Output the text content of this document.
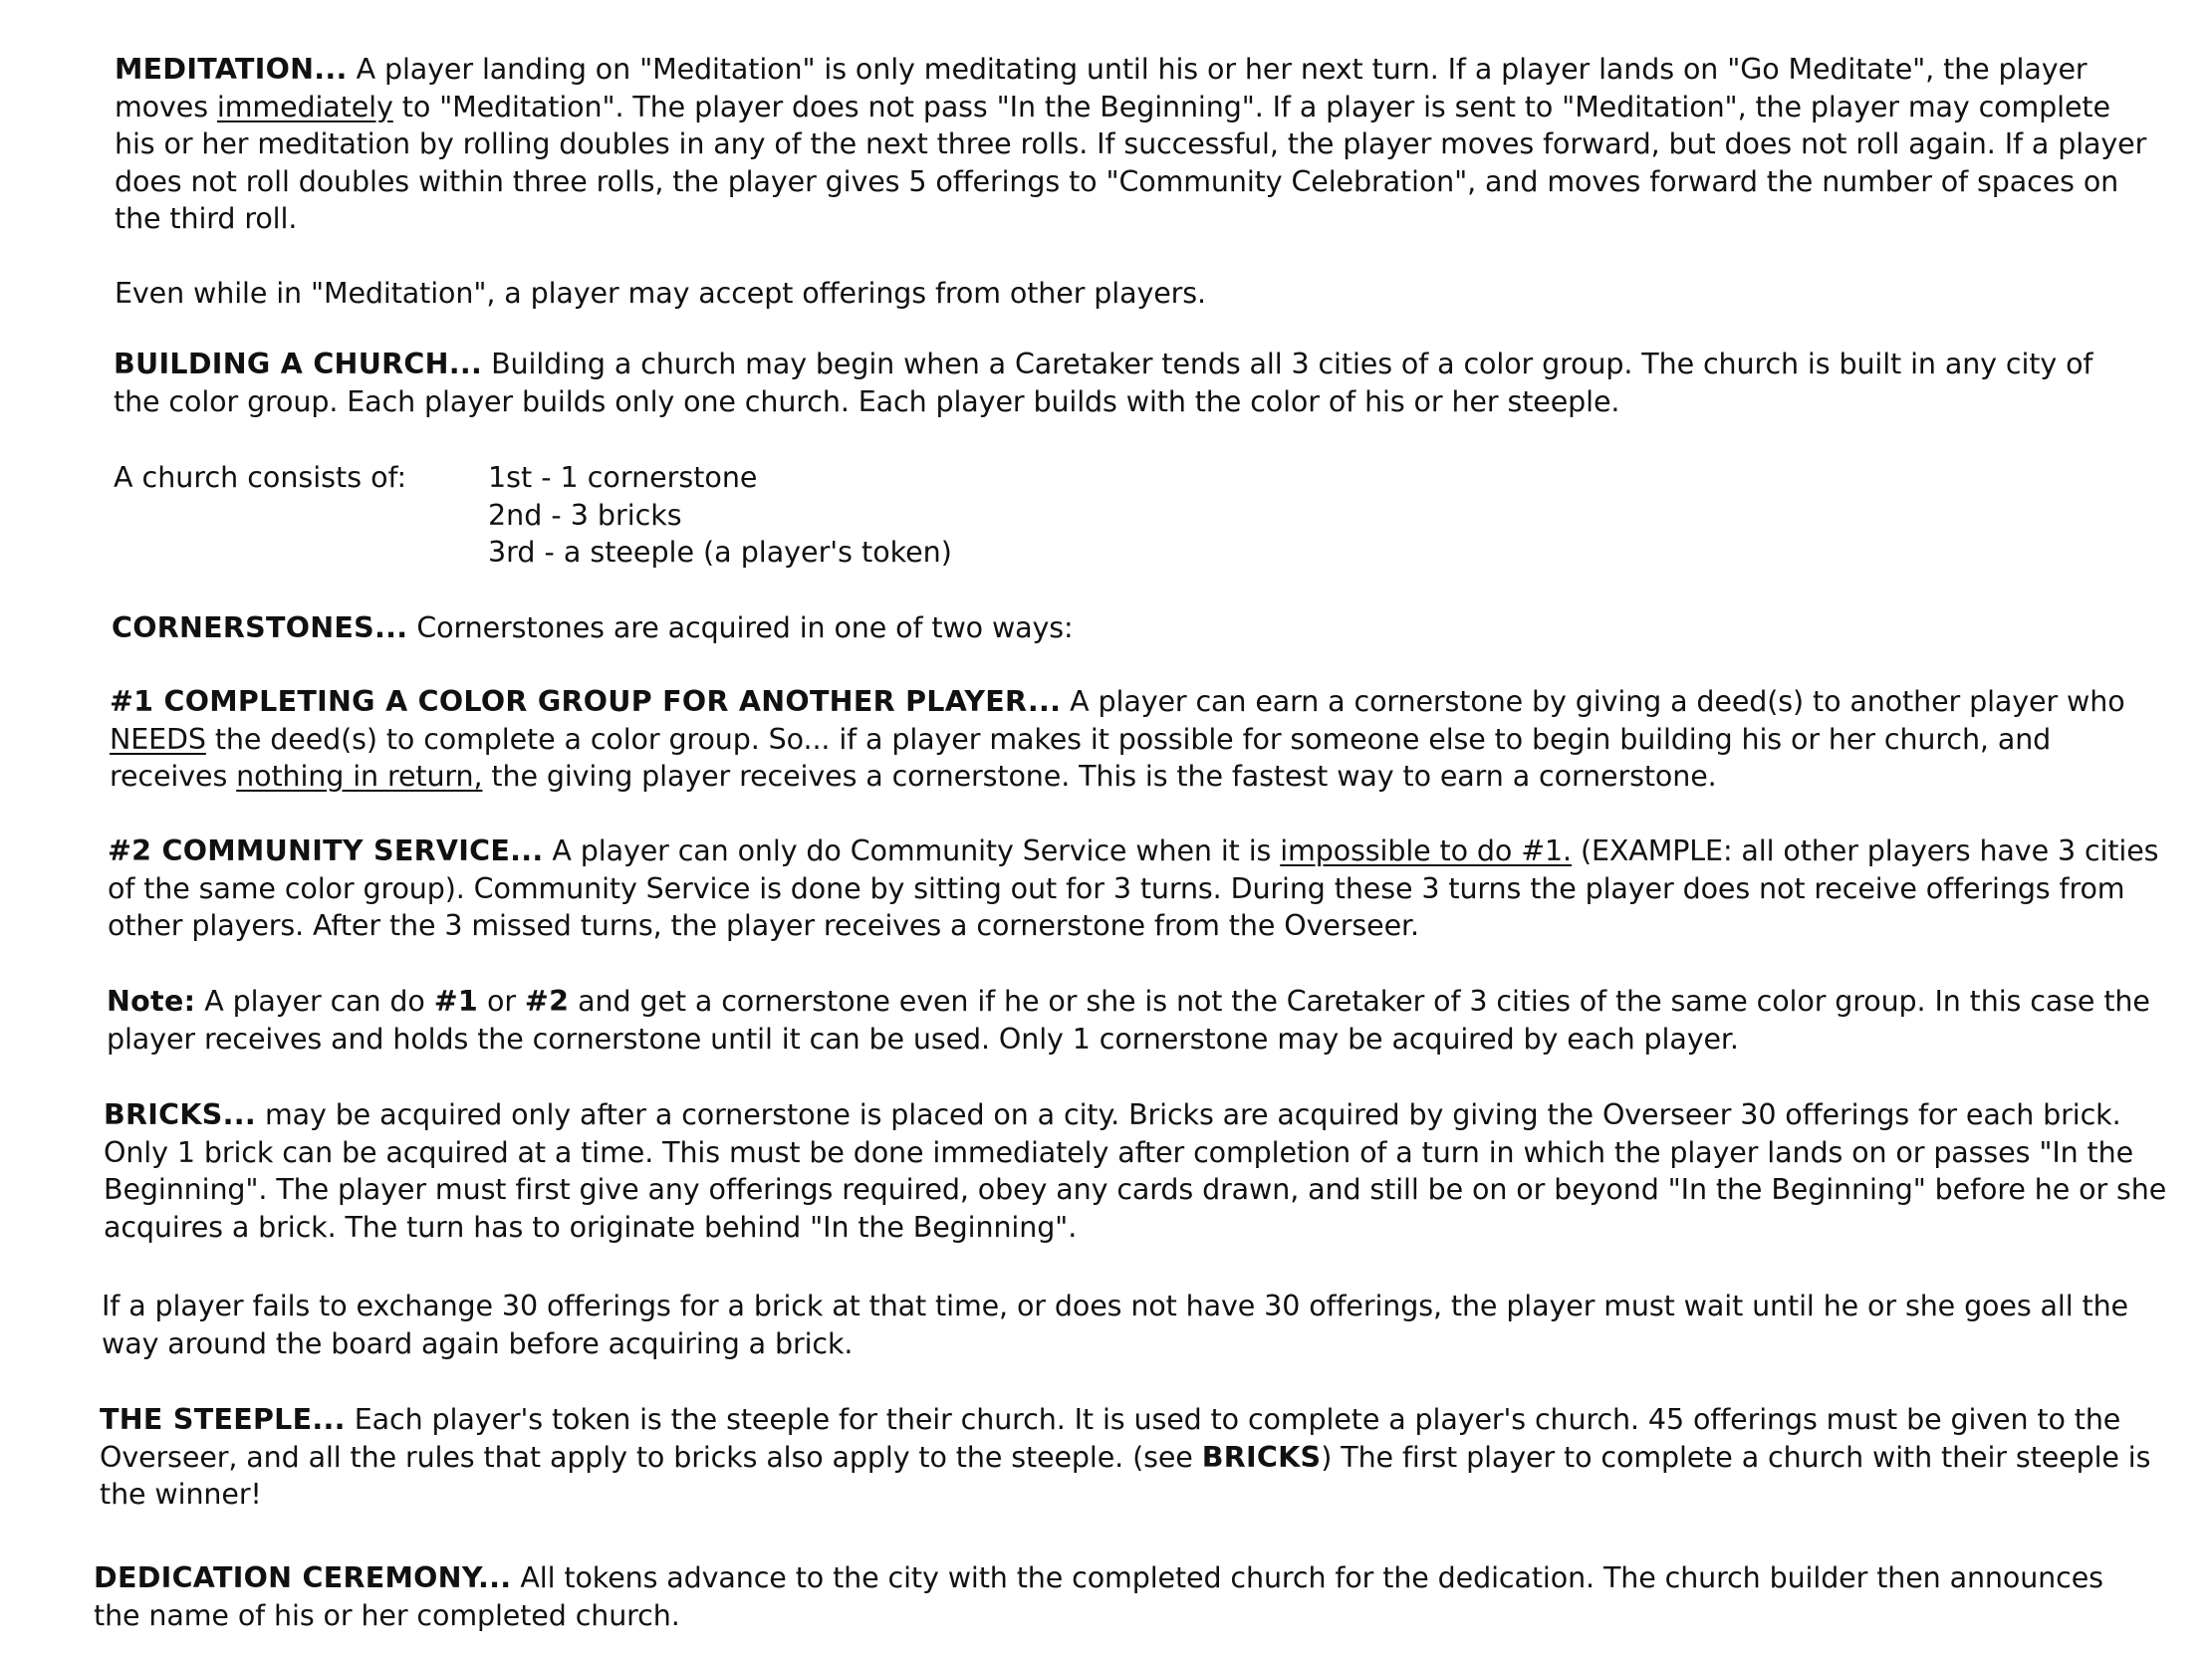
MEDITATION... A player landing on "Meditation" is only meditating until his or her next turn. If a player lands on "Go Meditate", the player moves immediately to "Meditation". The player does not pass "In the Beginning". If a player is sent to "Meditation", the player may complete his or her meditation by rolling doubles in any of the next three rolls. If successful, the player moves forward, but does not roll again. If a player does not roll doubles within three rolls, the player gives 5 offerings to "Community Celebration", and moves forward the number of spaces on the third roll.

Even while in "Meditation", a player may accept offerings from other players.

BUILDING A CHURCH... Building a church may begin when a Caretaker tends all 3 cities of a color group. The church is built in any city of the color group. Each player builds only one church. Each player builds with the color of his or her steeple.

A church consists of:	1st - 1 cornerstone
2nd - 3 bricks
3rd - a steeple (a player's token)

CORNERSTONES... Cornerstones are acquired in one of two ways:

#1 COMPLETING A COLOR GROUP FOR ANOTHER PLAYER... A player can earn a cornerstone by giving a deed(s) to another player who NEEDS the deed(s) to complete a color group. So... if a player makes it possible for someone else to begin building his or her church, and receives nothing in return, the giving player receives a cornerstone. This is the fastest way to earn a cornerstone.

#2 COMMUNITY SERVICE... A player can only do Community Service when it is impossible to do #1. (EXAMPLE: all other players have 3 cities of the same color group). Community Service is done by sitting out for 3 turns. During these 3 turns the player does not receive offerings from other players. After the 3 missed turns, the player receives a cornerstone from the Overseer.

Note: A player can do #1 or #2 and get a cornerstone even if he or she is not the Caretaker of 3 cities of the same color group. In this case the player receives and holds the cornerstone until it can be used. Only 1 cornerstone may be acquired by each player.

BRICKS... may be acquired only after a cornerstone is placed on a city. Bricks are acquired by giving the Overseer 30 offerings for each brick. Only 1 brick can be acquired at a time. This must be done immediately after completion of a turn in which the player lands on or passes "In the Beginning". The player must first give any offerings required, obey any cards drawn, and still be on or beyond "In the Beginning" before he or she acquires a brick. The turn has to originate behind "In the Beginning".

If a player fails to exchange 30 offerings for a brick at that time, or does not have 30 offerings, the player must wait until he or she goes all the way around the board again before acquiring a brick.

THE STEEPLE... Each player's token is the steeple for their church. It is used to complete a player's church. 45 offerings must be given to the Overseer, and all the rules that apply to bricks also apply to the steeple. (see BRICKS) The first player to complete a church with their steeple is the winner!

DEDICATION CEREMONY... All tokens advance to the city with the completed church for the dedication. The church builder then announces the name of his or her completed church.
